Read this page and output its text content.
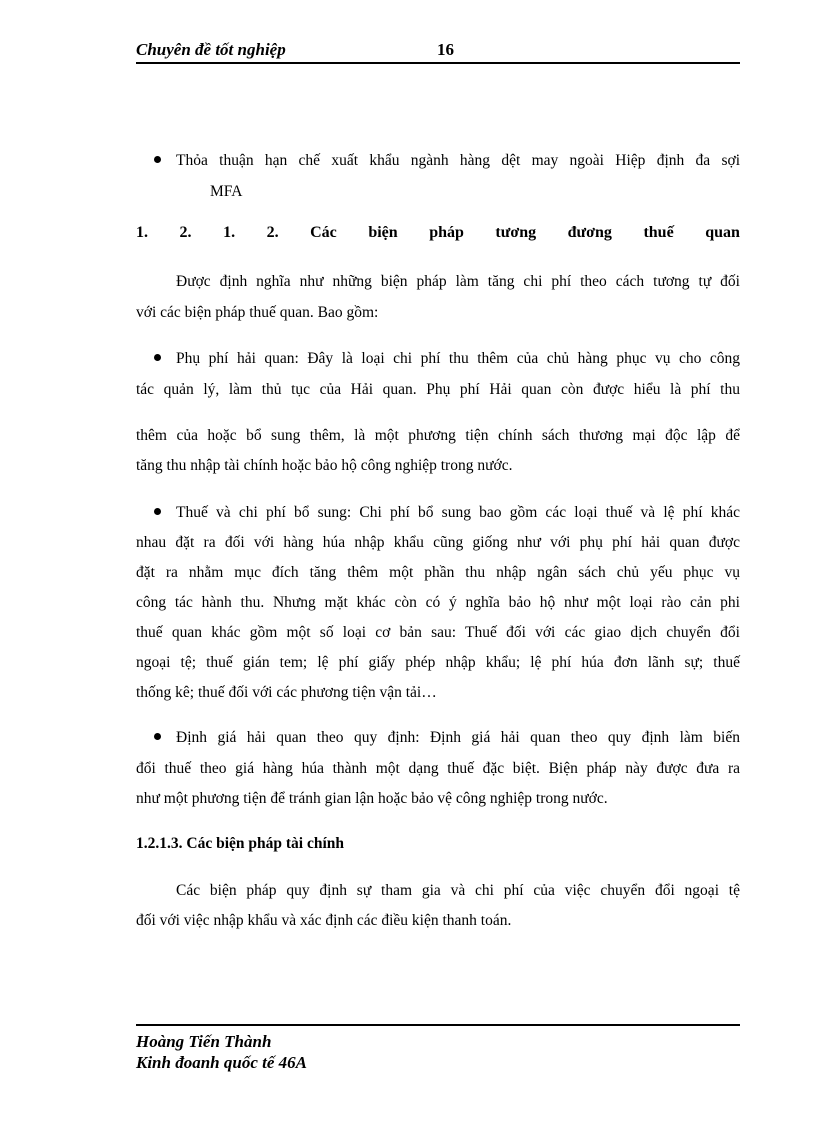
Chuyên đề tốt nghiệp	16
Thỏa thuận hạn chế xuất khẩu ngành hàng dệt may ngoài Hiệp định đa sợi
MFA
1. 2. 1. 2. Các biện pháp tương đương thuế quan
Được định nghĩa như những biện pháp làm tăng chi phí theo cách tương tự đối
với các biện pháp thuế quan. Bao gồm:
Phụ phí hải quan: Đây là loại chi phí thu thêm của chủ hàng phục vụ cho công
tác quản lý, làm thủ tục của Hải quan. Phụ phí Hải quan còn được hiểu là phí thu
thêm của hoặc bổ sung thêm, là một phương tiện chính sách thương mại độc lập để
tăng thu nhập tài chính hoặc bảo hộ công nghiệp trong nước.
Thuế và chi phí bổ sung: Chi phí bổ sung bao gồm các loại thuế và lệ phí khác
nhau đặt ra đối với hàng húa nhập khẩu cũng giống như với phụ phí hải quan được
đặt ra nhằm mục đích tăng thêm một phần thu nhập ngân sách chủ yếu phục vụ
công tác hành thu. Nhưng mặt khác còn có ý nghĩa bảo hộ như một loại rào cản phi
thuế quan khác gồm một số loại cơ bản sau: Thuế đối với các giao dịch chuyển đổi
ngoại tệ; thuế gián tem; lệ phí giấy phép nhập khẩu; lệ phí húa đơn lãnh sự; thuế
thống kê; thuế đối với các phương tiện vận tải…
Định giá hải quan theo quy định: Định giá hải quan theo quy định làm biến
đổi thuế theo giá hàng húa thành một dạng thuế đặc biệt. Biện pháp này được đưa ra
như một phương tiện để tránh gian lận hoặc bảo vệ công nghiệp trong nước.
1.2.1.3. Các biện pháp tài chính
Các biện pháp quy định sự tham gia và chi phí của việc chuyển đổi ngoại tệ
đối với việc nhập khẩu và xác định các điều kiện thanh toán.
Hoàng Tiến Thành
Kinh đoanh quốc tế 46A
